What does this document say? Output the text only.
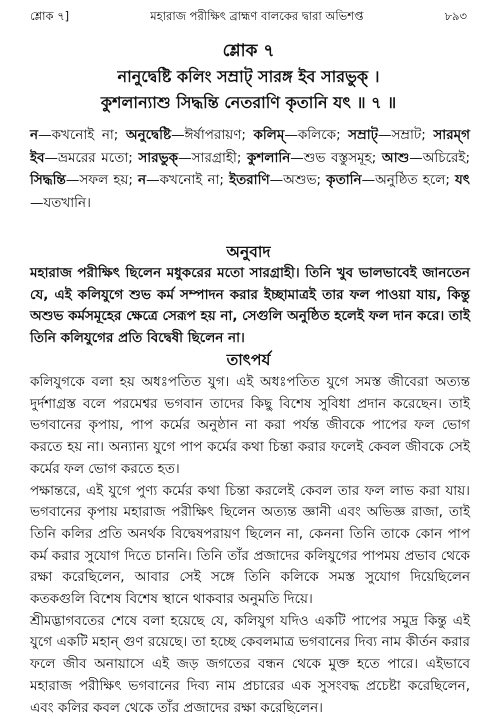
শ্লোক ৭]	মহারাজ পরীক্ষিৎ ব্রাহ্মণ বালকের দ্বারা অভিশপ্ত	৮৯৩
শ্লোক ৭
নানুদ্বেষ্টি কলিং সম্রাট্ সারঙ্গ ইব সারভুক্ ।
কুশলান্যাশু সিদ্ধন্তি নেতরাণি কৃতানি যৎ ॥ ৭ ॥
ন—কখনোই না; অনুদ্বেষ্টি—ঈর্ষাপরায়ণ; কলিম্—কলিকে; সম্রাট্—সম্রাট; সারম্‌গ ইব—ভ্রমরের মতো; সারভুক্—সারগ্রাহী; কুশলানি—শুভ বস্তুসমূহ; আশু—অচিরেই; সিদ্ধন্তি—সফল হয়; ন—কখনোই না; ইতরাণি—অশুভ; কৃতানি—অনুষ্ঠিত হলে; যৎ—যতখানি।
অনুবাদ
মহারাজ পরীক্ষিৎ ছিলেন মধুকরের মতো সারগ্রাহী। তিনি খুব ভালভাবেই জানতেন যে, এই কলিযুগে শুভ কর্ম সম্পাদন করার ইচ্ছামাত্রই তার ফল পাওয়া যায়, কিন্তু অশুভ কর্মসমূহের ক্ষেত্রে সেরূপ হয় না, সেগুলি অনুষ্ঠিত হলেই ফল দান করে। তাই তিনি কলিযুগের প্রতি বিদ্বেষী ছিলেন না।
তাৎপর্য

কলিযুগকে বলা হয় অধঃপতিত যুগ। এই অধঃপতিত যুগে সমস্ত জীবেরা অত্যন্ত দুর্দশাগ্রস্ত বলে পরমেশ্বর ভগবান তাদের কিছু বিশেষ সুবিধা প্রদান করেছেন। তাই ভগবানের কৃপায়, পাপ কর্মের অনুষ্ঠান না করা পর্যন্ত জীবকে পাপের ফল ভোগ করতে হয় না। অন্যান্য যুগে পাপ কর্মের কথা চিন্তা করার ফলেই কেবল জীবকে সেই কর্মের ফল ভোগ করতে হত।

পক্ষান্তরে, এই যুগে পুণ্য কর্মের কথা চিন্তা করলেই কেবল তার ফল লাভ করা যায়। ভগবানের কৃপায় মহারাজ পরীক্ষিৎ ছিলেন অত্যন্ত জ্ঞানী এবং অভিজ্ঞ রাজা, তাই তিনি কলির প্রতি অনর্থক বিদ্বেষপরায়ণ ছিলেন না, কেননা তিনি তাকে কোন পাপ কর্ম করার সুযোগ দিতে চাননি। তিনি তাঁর প্রজাদের কলিযুগের পাপময় প্রভাব থেকে রক্ষা করেছিলেন, আবার সেই সঙ্গে তিনি কলিকে সমস্ত সুযোগ দিয়েছিলেন কতকগুলি বিশেষ বিশেষ স্থানে থাকবার অনুমতি দিয়ে।

শ্রীমদ্ভাগবতের শেষে বলা হয়েছে যে, কলিযুগ যদিও একটি পাপের সমুদ্র কিন্তু এই যুগে একটি মহান্ গুণ রয়েছে। তা হচ্ছে কেবলমাত্র ভগবানের দিব্য নাম কীর্তন করার ফলে জীব অনায়াসে এই জড় জগতের বন্ধন থেকে মুক্ত হতে পারে। এইভাবে মহারাজ পরীক্ষিৎ ভগবানের দিব্য নাম প্রচারের এক সুসংবদ্ধ প্রচেষ্টা করেছিলেন, এবং কলির কবল থেকে তাঁর প্রজাদের রক্ষা করেছিলেন।
